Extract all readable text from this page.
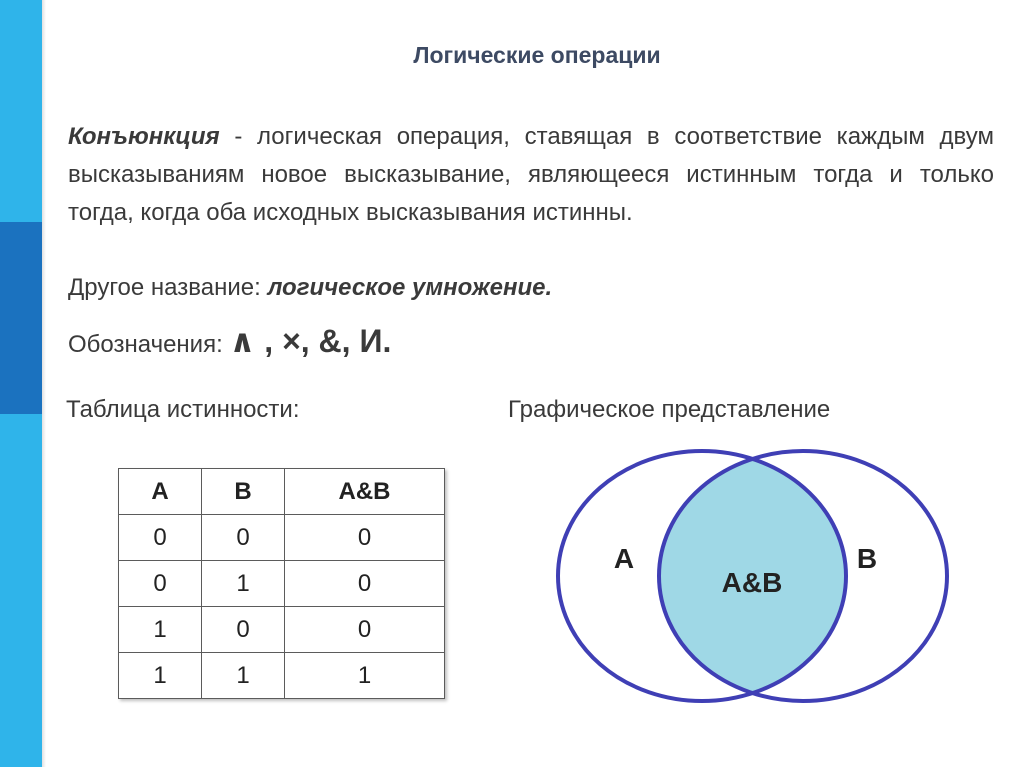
Логические операции
Конъюнкция - логическая операция, ставящая в соответствие каждым двум высказываниям новое высказывание, являющееся истинным тогда и только тогда, когда оба исходных высказывания истинны.
Другое название: логическое умножение.
Обозначения: ∧ , ×, &, И.
Таблица истинности:	Графическое представление
A	B	A&B
0	0	0
0	1	0
1	0	0
1	1	1
A
A&B
B
